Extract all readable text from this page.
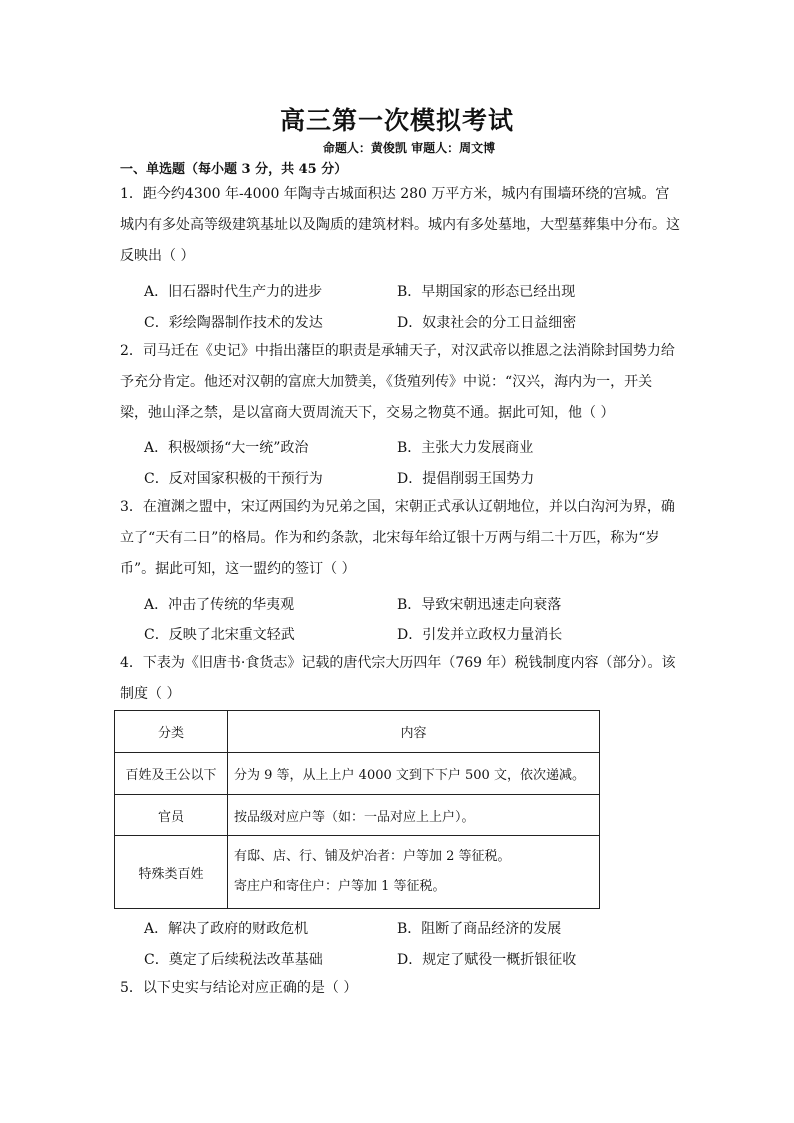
高三第一次模拟考试
命题人：黄俊凯 审题人：周文博
一、单选题（每小题 3 分，共 45 分）
1．距今约4300 年-4000 年陶寺古城面积达 280 万平方米，城内有围墙环绕的宫城。宫城内有多处高等级建筑基址以及陶质的建筑材料。城内有多处墓地，大型墓葬集中分布。这反映出（ ）
A．旧石器时代生产力的进步	B．早期国家的形态已经出现
C．彩绘陶器制作技术的发达	D．奴隶社会的分工日益细密
2．司马迁在《史记》中指出藩臣的职责是承辅天子，对汉武帝以推恩之法消除封国势力给予充分肯定。他还对汉朝的富庶大加赞美，《货殖列传》中说：“汉兴，海内为一，开关梁，弛山泽之禁，是以富商大贾周流天下，交易之物莫不通。据此可知，他（ ）
A．积极颂扬“大一统”政治	B．主张大力发展商业
C．反对国家积极的干预行为	D．提倡削弱王国势力
3．在澶渊之盟中，宋辽两国约为兄弟之国，宋朝正式承认辽朝地位，并以白沟河为界，确立了“天有二日”的格局。作为和约条款，北宋每年给辽银十万两与绢二十万匹，称为“岁币”。据此可知，这一盟约的签订（ ）
A．冲击了传统的华夷观	B．导致宋朝迅速走向衰落
C．反映了北宋重文轻武	D．引发并立政权力量消长
4．下表为《旧唐书·食货志》记载的唐代宗大历四年（769 年）税钱制度内容（部分）。该制度（ ）
分类	内容
百姓及王公以下	分为 9 等，从上上户 4000 文到下下户 500 文，依次递减。
官员	按品级对应户等（如：一品对应上上户）。
特殊类百姓	有邸、店、行、铺及炉冶者：户等加 2 等征税。
寄庄户和寄住户：户等加 1 等征税。
A．解决了政府的财政危机	B．阻断了商品经济的发展
C．奠定了后续税法改革基础	D．规定了赋役一概折银征收
5．以下史实与结论对应正确的是（ ）
